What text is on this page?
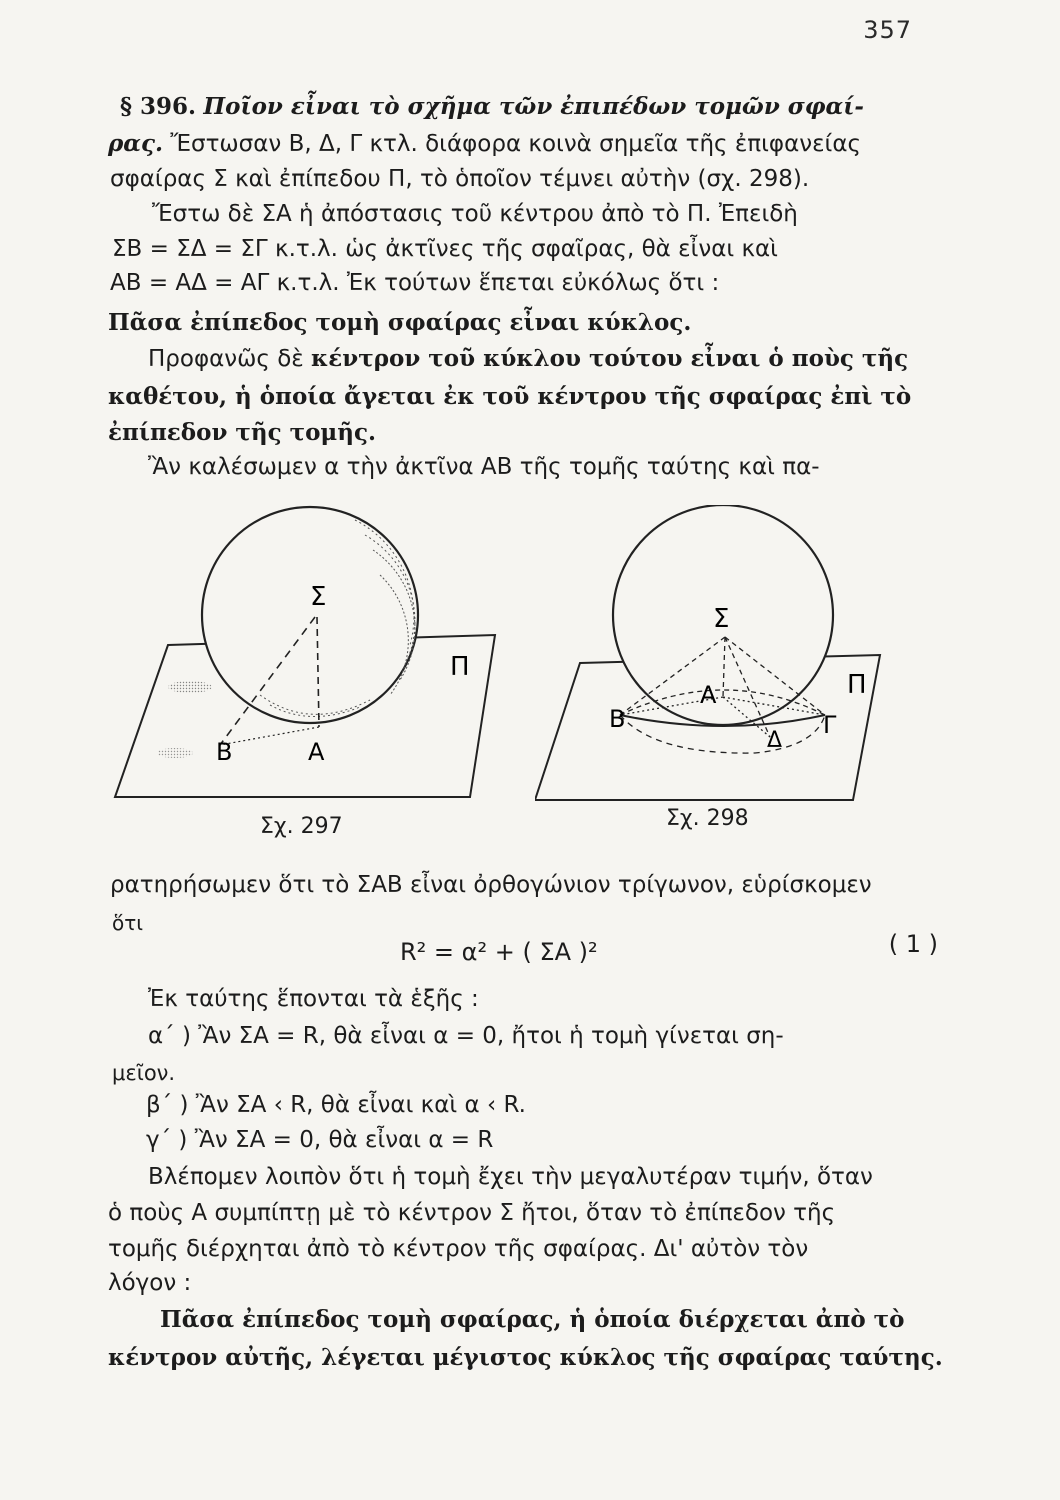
357
§ 396. Ποῖον εἶναι τὸ σχῆμα τῶν ἐπιπέδων τομῶν σφαί-
ρας. Ἔστωσαν Β, Δ, Γ κτλ. διάφορα κοινὰ σημεῖα τῆς ἐπιφανείας
σφαίρας Σ καὶ ἐπίπεδου Π, τὸ ὁποῖον τέμνει αὐτὴν (σχ. 298).
Ἔστω δὲ ΣΑ ἡ ἀπόστασις τοῦ κέντρου ἀπὸ τὸ Π. Ἐπειδὴ
ΣΒ = ΣΔ = ΣΓ κ.τ.λ. ὡς ἀκτῖνες τῆς σφαῖρας, θὰ εἶναι καὶ
ΑΒ = ΑΔ = ΑΓ κ.τ.λ. Ἐκ τούτων ἕπεται εὐκόλως ὅτι :
Πᾶσα ἐπίπεδος τομὴ σφαίρας εἶναι κύκλος.
Προφανῶς δὲ κέντρον τοῦ κύκλου τούτου εἶναι ὁ ποὺς τῆς
καθέτου, ἡ ὁποία ἄγεται ἐκ τοῦ κέντρου τῆς σφαίρας ἐπὶ τὸ
ἐπίπεδον τῆς τομῆς.
Ἂν καλέσωμεν α τὴν ἀκτῖνα ΑΒ τῆς τομῆς ταύτης καὶ πα-
Σ
Π
Β	Α
Σχ. 297
Σ
Π
Β
Α
Γ
Δ
Σχ. 298
ρατηρήσωμεν ὅτι τὸ ΣΑΒ εἶναι ὀρθογώνιον τρίγωνον, εὑρίσκομεν
ὅτι
R² = α² + ( ΣΑ )²	( 1 )
Ἐκ ταύτης ἕπονται τὰ ἑξῆς :
α΄ ) Ἂν ΣΑ = R, θὰ εἶναι α = 0, ἤτοι ἡ τομὴ γίνεται ση-
μεῖον.
β΄ ) Ἂν ΣΑ ‹ R, θὰ εἶναι καὶ α ‹ R.
γ΄ ) Ἂν ΣΑ = 0, θὰ εἶναι α = R
Βλέπομεν λοιπὸν ὅτι ἡ τομὴ ἔχει τὴν μεγαλυτέραν τιμήν, ὅταν
ὁ ποὺς Α συμπίπτῃ μὲ τὸ κέντρον Σ ἤτοι, ὅταν τὸ ἐπίπεδον τῆς
τομῆς διέρχηται ἀπὸ τὸ κέντρον τῆς σφαίρας. Δι' αὐτὸν τὸν
λόγον :
Πᾶσα ἐπίπεδος τομὴ σφαίρας, ἡ ὁποία διέρχεται ἀπὸ τὸ
κέντρον αὐτῆς, λέγεται μέγιστος κύκλος τῆς σφαίρας ταύτης.
